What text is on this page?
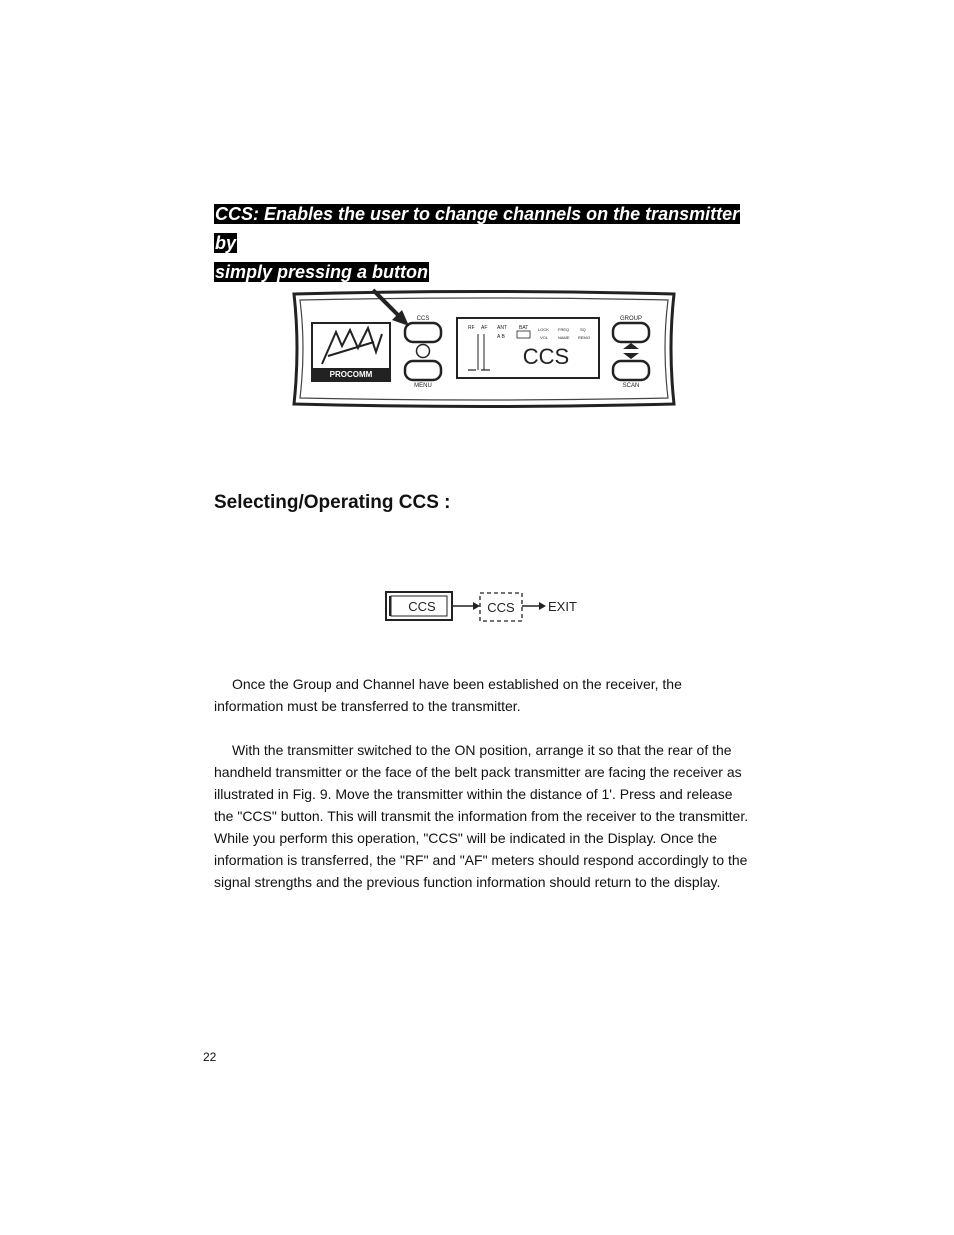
CCS: Enables the user to change channels on the transmitter by
simply pressing a button
PROCOMM
CCS
MENU
RF AF ANT
A B
BAT LOCK FREQ	SQ
VOL NAME REMO
CCS
GROUP
SCAN
Selecting/Operating CCS :
CCS	CCS	EXIT

Once the Group and Channel have been established on the receiver, the information must be transferred to the transmitter.

With the transmitter switched to the ON position, arrange it so that the rear of the handheld transmitter or the face of the belt pack transmitter are facing the receiver as illustrated in Fig. 9. Move the transmitter within the distance of 1'. Press and release the "CCS" button. This will transmit the information from the receiver to the transmitter. While you perform this operation, "CCS" will be indicated in the Display. Once the information is transferred, the "RF" and "AF" meters should respond accordingly to the signal strengths and the previous function information should return to the display.

22
